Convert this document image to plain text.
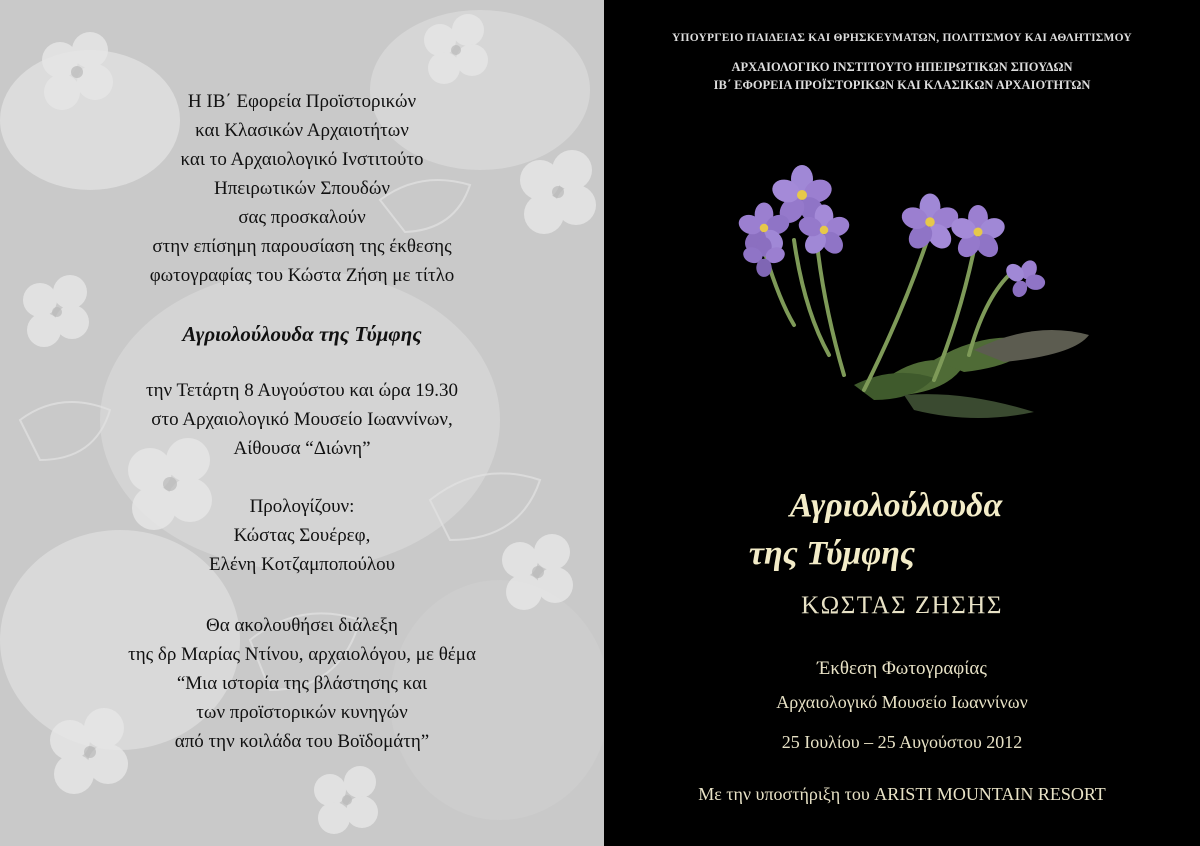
Η ΙΒ΄ Εφορεία Προϊστορικών
και Κλασικών Αρχαιοτήτων
και το Αρχαιολογικό Ινστιτούτο
Ηπειρωτικών Σπουδών
σας προσκαλούν
στην επίσημη παρουσίαση της έκθεσης
φωτογραφίας του Κώστα Ζήση με τίτλο
Αγριολούλουδα της Τύμφης
την Τετάρτη 8 Αυγούστου και ώρα 19.30
στο Αρχαιολογικό Μουσείο Ιωαννίνων,
Αίθουσα “Διώνη”
Προλογίζουν:
Κώστας Σουέρεφ,
Ελένη Κοτζαμποπούλου
Θα ακολουθήσει διάλεξη
της δρ Μαρίας Ντίνου, αρχαιολόγου, με θέμα
“Μια ιστορία της βλάστησης και
των προϊστορικών κυνηγών
από την κοιλάδα του Βοϊδομάτη”
ΥΠΟΥΡΓΕΙΟ ΠΑΙΔΕΙΑΣ ΚΑΙ ΘΡΗΣΚΕΥΜΑΤΩΝ, ΠΟΛΙΤΙΣΜΟΥ ΚΑΙ ΑΘΛΗΤΙΣΜΟΥ
ΑΡΧΑΙΟΛΟΓΙΚΟ ΙΝΣΤΙΤΟΥΤΟ ΗΠΕΙΡΩΤΙΚΩΝ ΣΠΟΥΔΩΝ
ΙΒ΄ ΕΦΟΡΕΙΑ ΠΡΟΪΣΤΟΡΙΚΩΝ ΚΑΙ ΚΛΑΣΙΚΩΝ ΑΡΧΑΙΟΤΗΤΩΝ
Αγριολούλουδα
της Τύμφης
ΚΩΣΤΑΣ ΖΗΣΗΣ
Έκθεση Φωτογραφίας
Αρχαιολογικό Μουσείο Ιωαννίνων
25 Ιουλίου – 25 Αυγούστου 2012
Με την υποστήριξη του ARISTI MOUNTAIN RESORT
